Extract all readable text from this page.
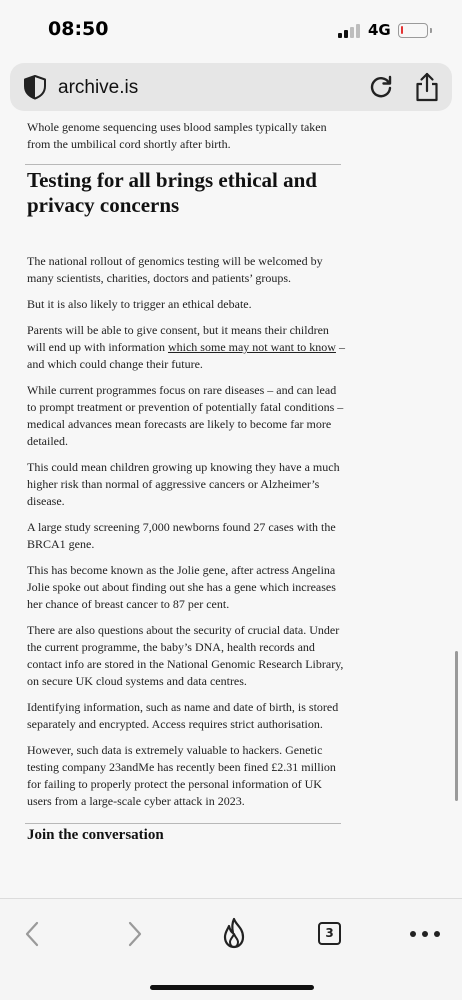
08:50	4G
archive.is

Whole genome sequencing uses blood samples typically taken from the umbilical cord shortly after birth.

Testing for all brings ethical and privacy concerns

The national rollout of genomics testing will be welcomed by many scientists, charities, doctors and patients’ groups.

But it is also likely to trigger an ethical debate.

Parents will be able to give consent, but it means their children will end up with information which some may not want to know – and which could change their future.

While current programmes focus on rare diseases – and can lead to prompt treatment or prevention of potentially fatal conditions – medical advances mean forecasts are likely to become far more detailed.

This could mean children growing up knowing they have a much higher risk than normal of aggressive cancers or Alzheimer’s disease.

A large study screening 7,000 newborns found 27 cases with the BRCA1 gene.

This has become known as the Jolie gene, after actress Angelina Jolie spoke out about finding out she has a gene which increases her chance of breast cancer to 87 per cent.

There are also questions about the security of crucial data. Under the current programme, the baby’s DNA, health records and contact info are stored in the National Genomic Research Library, on secure UK cloud systems and data centres.

Identifying information, such as name and date of birth, is stored separately and encrypted. Access requires strict authorisation.

However, such data is extremely valuable to hackers. Genetic testing company 23andMe has recently been fined £2.31 million for failing to properly protect the personal information of UK users from a large-scale cyber attack in 2023.

Join the conversation
3
